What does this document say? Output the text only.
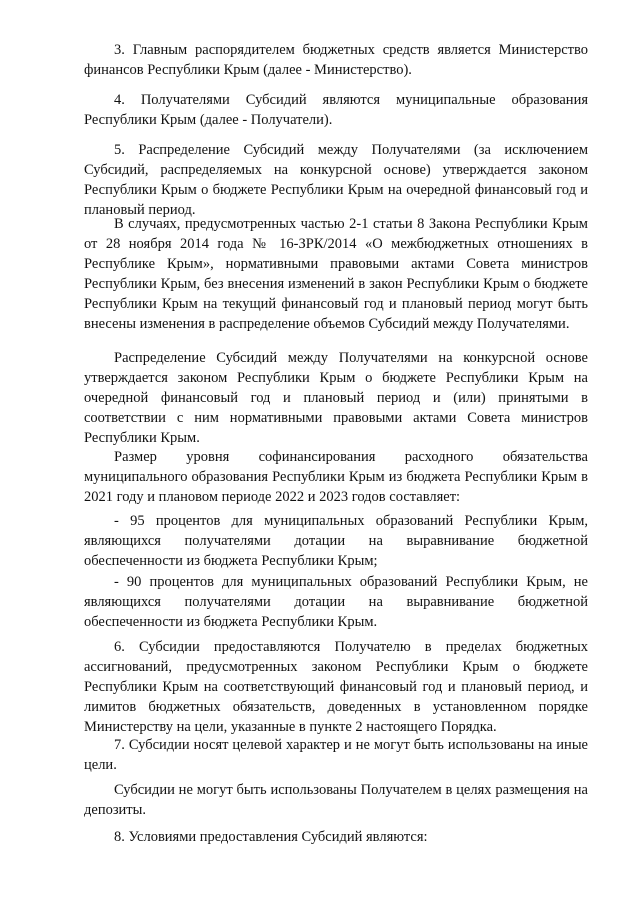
3. Главным распорядителем бюджетных средств является Министерство финансов Республики Крым (далее - Министерство).

4. Получателями Субсидий являются муниципальные образования Республики Крым (далее - Получатели).

5. Распределение Субсидий между Получателями (за исключением Субсидий, распределяемых на конкурсной основе) утверждается законом Республики Крым о бюджете Республики Крым на очередной финансовый год и плановый период.

В случаях, предусмотренных частью 2-1 статьи 8 Закона Республики Крым от 28 ноября 2014 года № 16-ЗРК/2014 «О межбюджетных отношениях в Республике Крым», нормативными правовыми актами Совета министров Республики Крым, без внесения изменений в закон Республики Крым о бюджете Республики Крым на текущий финансовый год и плановый период могут быть внесены изменения в распределение объемов Субсидий между Получателями.

Распределение Субсидий между Получателями на конкурсной основе утверждается законом Республики Крым о бюджете Республики Крым на очередной финансовый год и плановый период и (или) принятыми в соответствии с ним нормативными правовыми актами Совета министров Республики Крым.

Размер уровня софинансирования расходного обязательства муниципального образования Республики Крым из бюджета Республики Крым в 2021 году и плановом периоде 2022 и 2023 годов составляет:

- 95 процентов для муниципальных образований Республики Крым, являющихся получателями дотации на выравнивание бюджетной обеспеченности из бюджета Республики Крым;

- 90 процентов для муниципальных образований Республики Крым, не являющихся получателями дотации на выравнивание бюджетной обеспеченности из бюджета Республики Крым.

6. Субсидии предоставляются Получателю в пределах бюджетных ассигнований, предусмотренных законом Республики Крым о бюджете Республики Крым на соответствующий финансовый год и плановый период, и лимитов бюджетных обязательств, доведенных в установленном порядке Министерству на цели, указанные в пункте 2 настоящего Порядка.

7. Субсидии носят целевой характер и не могут быть использованы на иные цели.

Субсидии не могут быть использованы Получателем в целях размещения на депозиты.

8. Условиями предоставления Субсидий являются:
